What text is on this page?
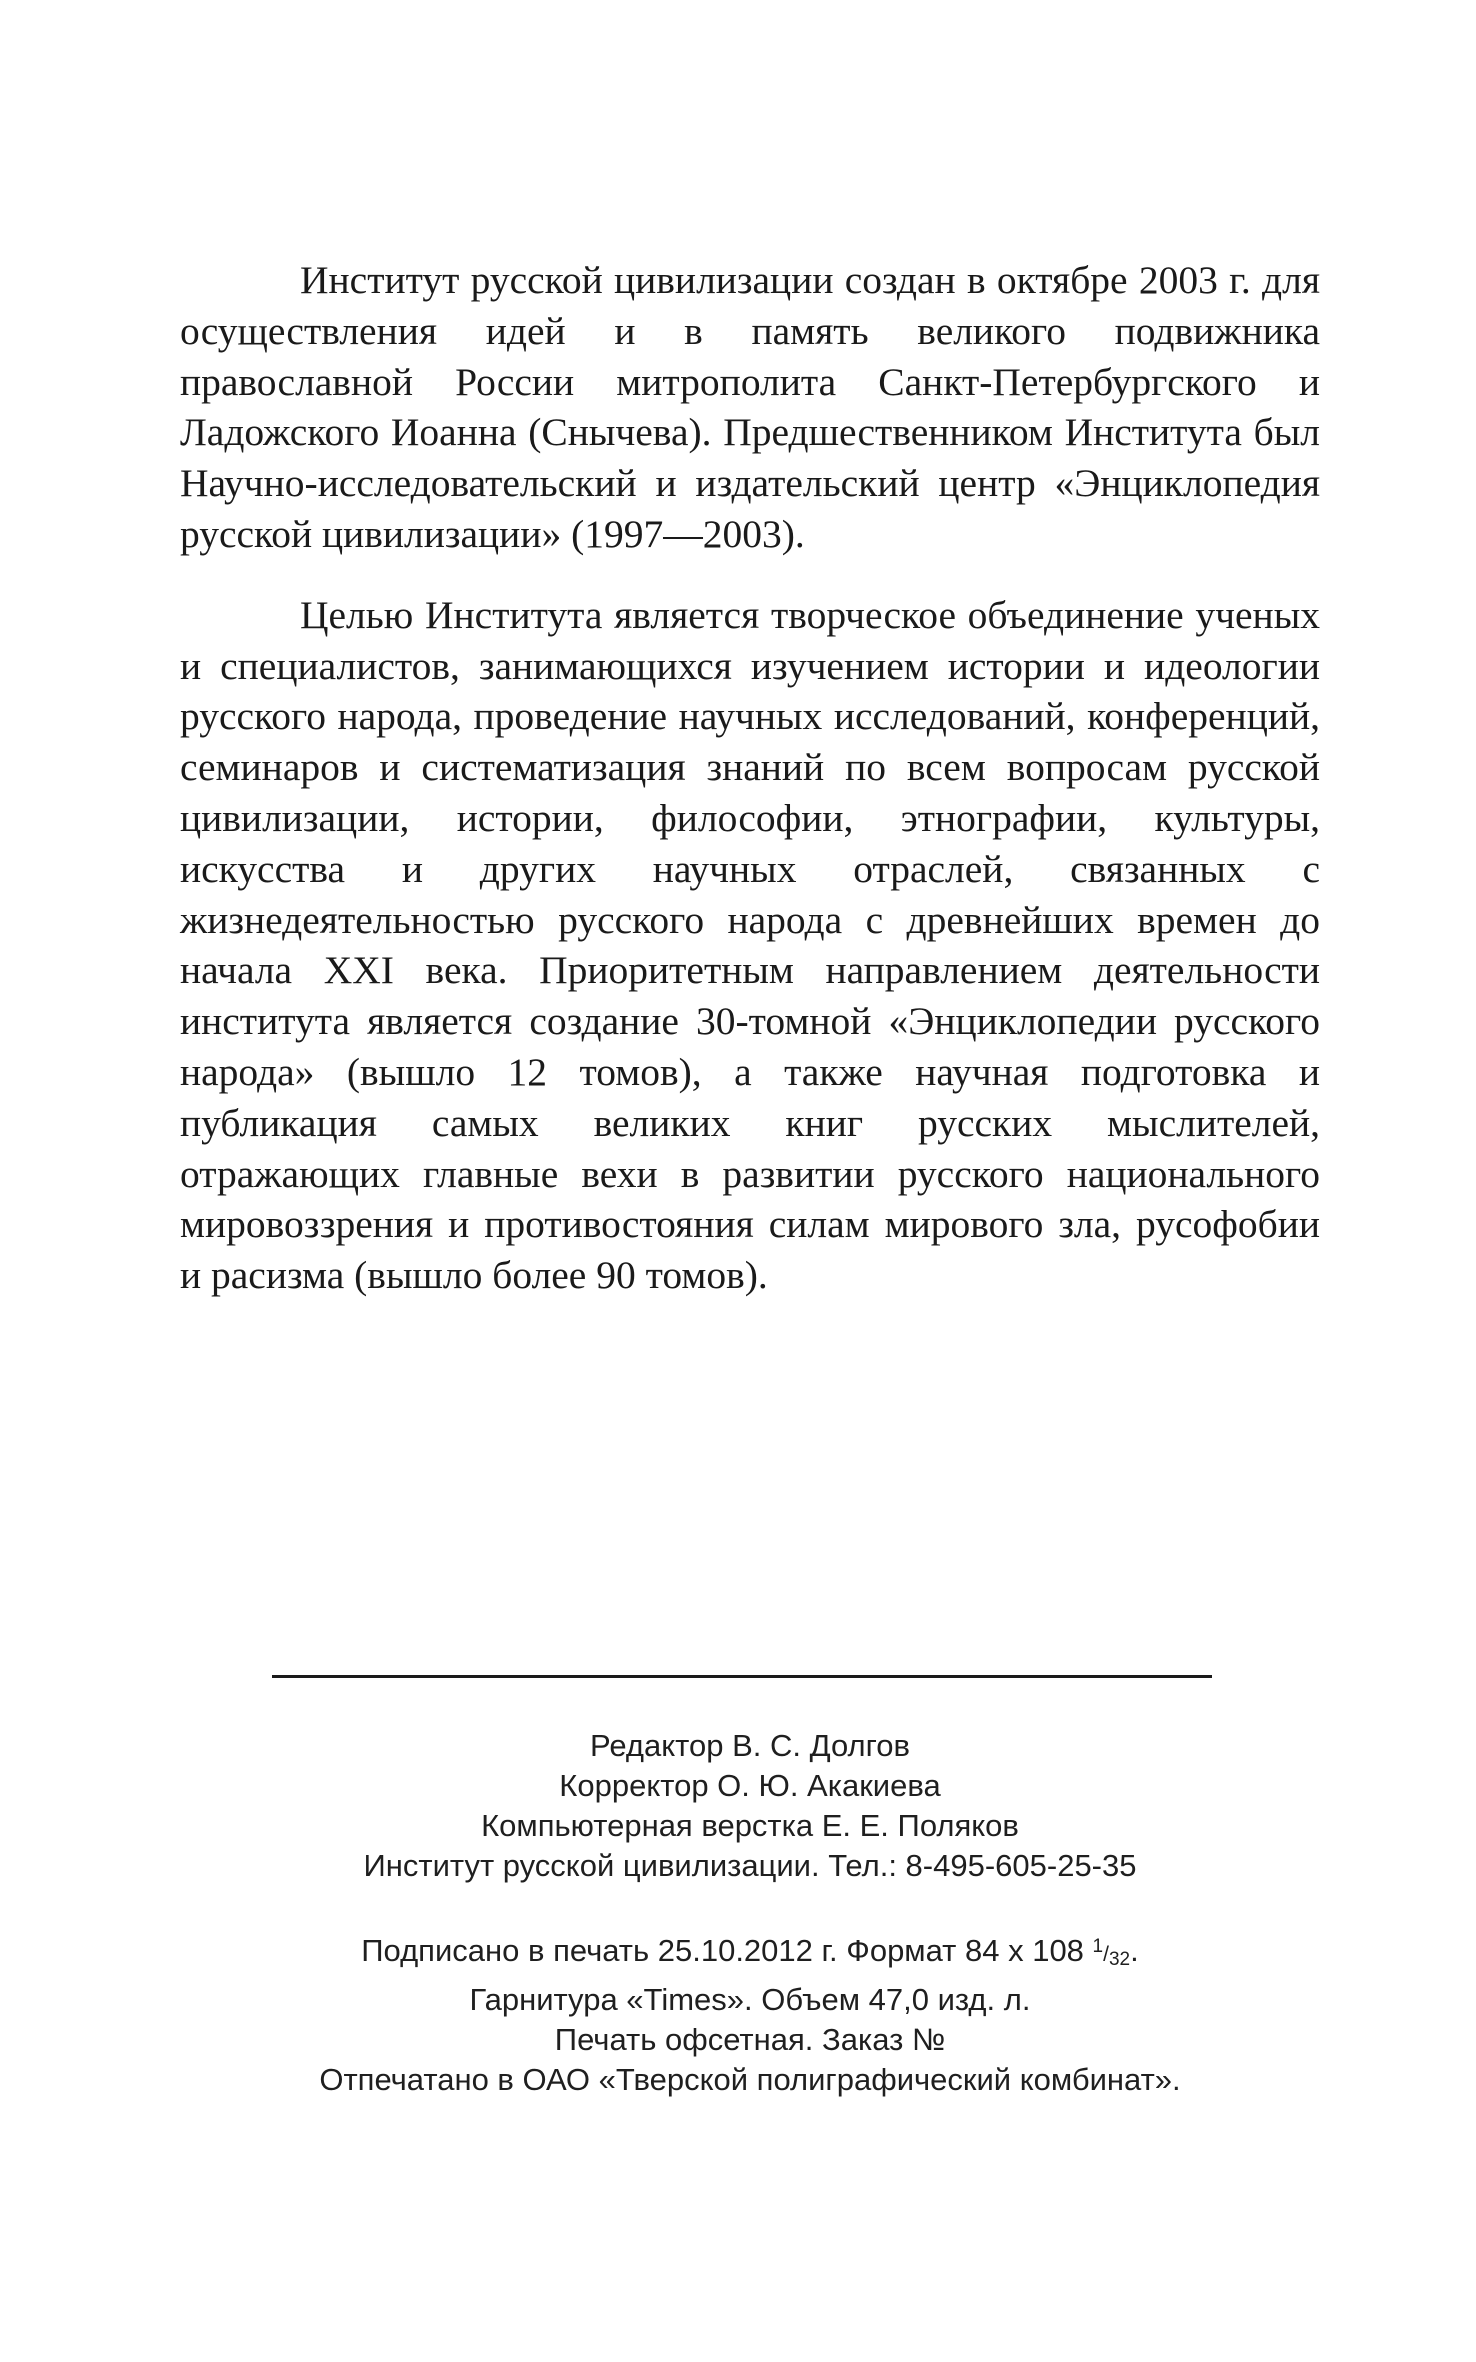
Институт русской цивилизации создан в октябре 2003 г. для осуществления идей и в память великого подвижника православной России митрополита Санкт-Петербургского и Ладожского Иоанна (Снычева). Предшественником Института был Научно-исследовательский и издательский центр «Энциклопедия русской цивилизации» (1997—2003).

Целью Института является творческое объединение ученых и специалистов, занимающихся изучением истории и идеологии русского народа, проведение научных исследований, конференций, семинаров и систематизация знаний по всем вопросам русской цивилизации, истории, философии, этнографии, культуры, искусства и других научных отраслей, связанных с жизнедеятельностью русского народа с древнейших времен до начала XXI века. Приоритетным направлением деятельности института является создание 30-томной «Энциклопедии русского народа» (вышло 12 томов), а также научная подготовка и публикация самых великих книг русских мыслителей, отражающих главные вехи в развитии русского национального мировоззрения и противостояния силам мирового зла, русофобии и расизма (вышло более 90 томов).

Редактор В. С. Долгов
Корректор О. Ю. Акакиева
Компьютерная верстка Е. Е. Поляков
Институт русской цивилизации. Тел.: 8-495-605-25-35
Подписано в печать 25.10.2012 г. Формат 84 х 108 $^1/_{32}$.
Гарнитура «Times». Объем 47,0 изд. л.
Печать офсетная. Заказ №
Отпечатано в ОАО «Тверской полиграфический комбинат».
